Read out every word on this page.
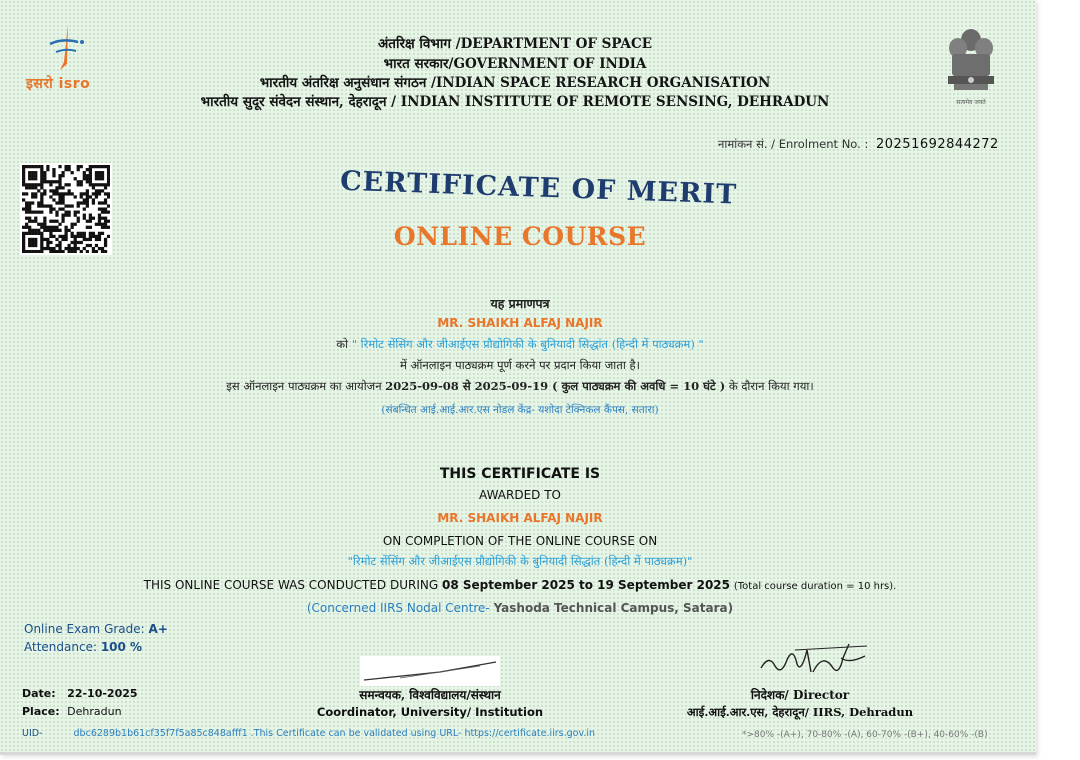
इसरो isro
अंतरिक्ष विभाग /DEPARTMENT OF SPACE
भारत सरकार/GOVERNMENT OF INDIA
भारतीय अंतरिक्ष अनुसंधान संगठन /INDIAN SPACE RESEARCH ORGANISATION
भारतीय सुदूर संवेदन संस्थान, देहरादून / INDIAN INSTITUTE OF REMOTE SENSING, DEHRADUN	सत्यमेव जयते
नामांकन सं. / Enrolment No. : 20251692844272
CERTIFICATE OF MERIT
ONLINE COURSE
यह प्रमाणपत्र
MR. SHAIKH ALFAJ NAJIR
को " रिमोट सेंसिंग और जीआईएस प्रौद्योगिकी के बुनियादी सिद्धांत (हिन्दी में पाठ्यक्रम) "
में ऑनलाइन पाठ्यक्रम पूर्ण करने पर प्रदान किया जाता है।
इस ऑनलाइन पाठ्यक्रम का आयोजन 2025-09-08 से 2025-09-19 ( कुल पाठ्यक्रम की अवधि = 10 घंटे ) के दौरान किया गया।
(संबन्धित आई.आई.आर.एस नोडल केंद्र- यशोदा टेक्निकल कैंपस, सतारा)
THIS CERTIFICATE IS
AWARDED TO
MR. SHAIKH ALFAJ NAJIR
ON COMPLETION OF THE ONLINE COURSE ON
"रिमोट सेंसिंग और जीआईएस प्रौद्योगिकी के बुनियादी सिद्धांत (हिन्दी में पाठ्यक्रम)"
THIS ONLINE COURSE WAS CONDUCTED DURING 08 September 2025 to 19 September 2025 (Total course duration = 10 hrs).
(Concerned IIRS Nodal Centre- Yashoda Technical Campus, Satara)
Online Exam Grade: A+
Attendance: 100 %
Date: 22-10-2025
Place: Dehradun
समन्वयक, विश्वविद्यालय/संस्थान
Coordinator, University/ Institution
निदेशक/ Director
आई.आई.आर.एस, देहरादून/ IIRS, Dehradun
UID-	dbc6289b1b61cf35f7f5a85c848afff1 .This Certificate can be validated using URL- https://certificate.iirs.gov.in	*>80% -(A+), 70-80% -(A), 60-70% -(B+), 40-60% -(B)
